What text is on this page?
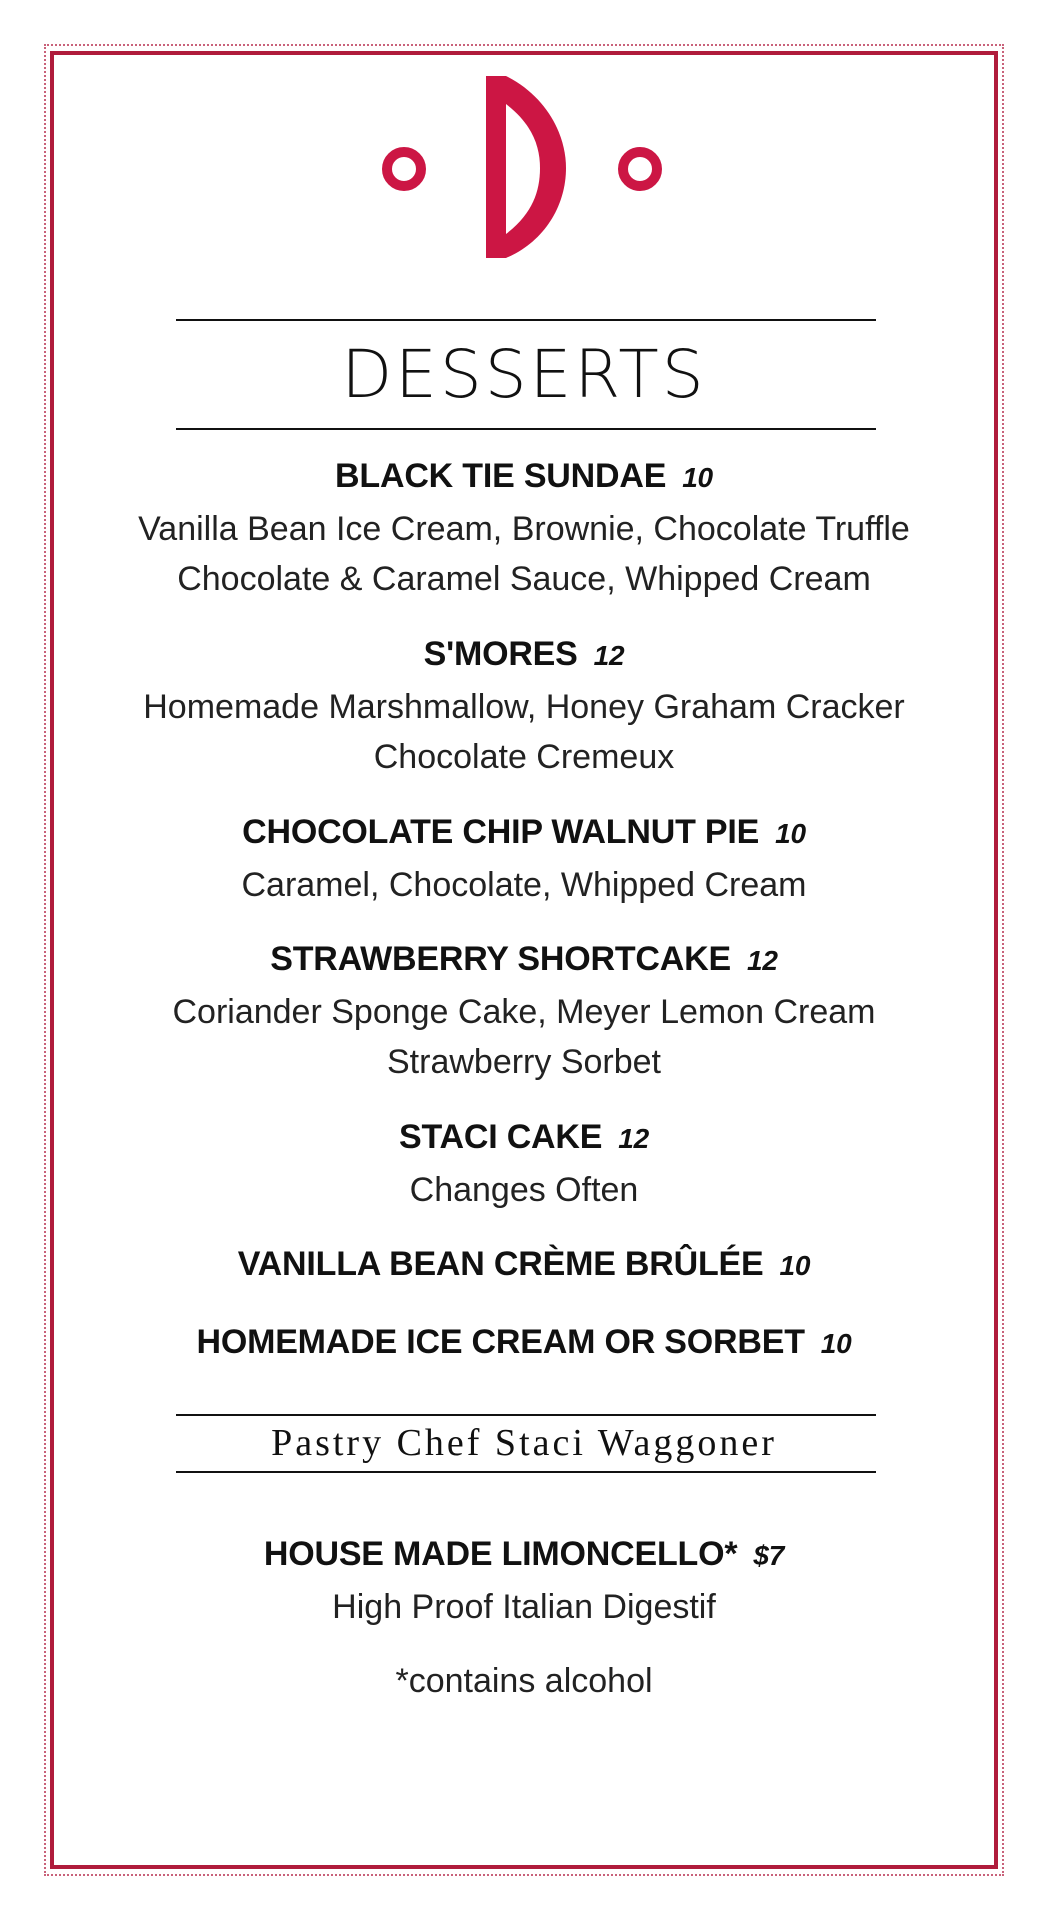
DESSERTS
BLACK TIE SUNDAE 10
Vanilla Bean Ice Cream, Brownie, Chocolate Truffle
Chocolate & Caramel Sauce, Whipped Cream
S'MORES 12
Homemade Marshmallow, Honey Graham Cracker
Chocolate Cremeux
CHOCOLATE CHIP WALNUT PIE 10
Caramel, Chocolate, Whipped Cream
STRAWBERRY SHORTCAKE 12
Coriander Sponge Cake, Meyer Lemon Cream
Strawberry Sorbet
STACI CAKE 12
Changes Often
VANILLA BEAN CRÈME BRÛLÉE 10
HOMEMADE ICE CREAM OR SORBET 10
Pastry Chef Staci Waggoner
HOUSE MADE LIMONCELLO* $7
High Proof Italian Digestif
*contains alcohol
